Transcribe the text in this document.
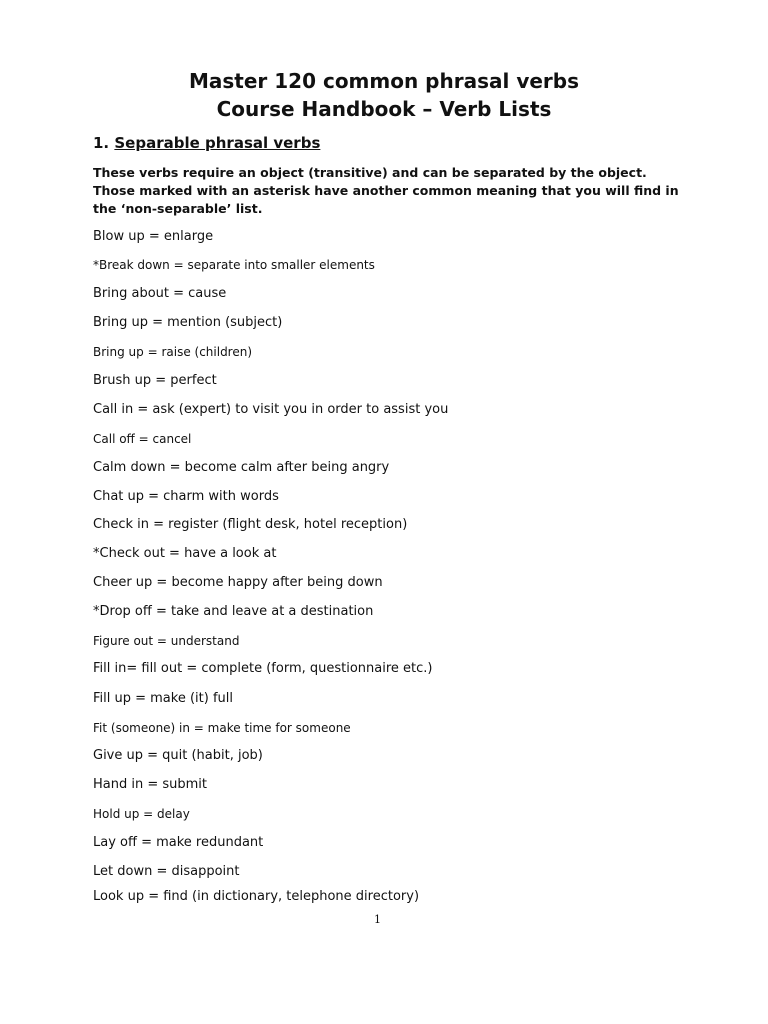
Master 120 common phrasal verbs
Course Handbook – Verb Lists
1. Separable phrasal verbs
These verbs require an object (transitive) and can be separated by the object. Those marked with an asterisk have another common meaning that you will find in the ‘non-separable’ list.
Blow up = enlarge
*Break down = separate into smaller elements
Bring about = cause
Bring up = mention (subject)
Bring up = raise (children)
Brush up = perfect
Call in = ask (expert) to visit you in order to assist you
Call off = cancel
Calm down = become calm after being angry
Chat up = charm with words
Check in = register (flight desk, hotel reception)
*Check out = have a look at
Cheer up = become happy after being down
*Drop off = take and leave at a destination
Figure out = understand
Fill in= fill out = complete (form, questionnaire etc.)
Fill up = make (it) full
Fit (someone) in = make time for someone
Give up = quit (habit, job)
Hand in = submit
Hold up = delay
Lay off = make redundant
Let down = disappoint
Look up = find (in dictionary, telephone directory)
1
